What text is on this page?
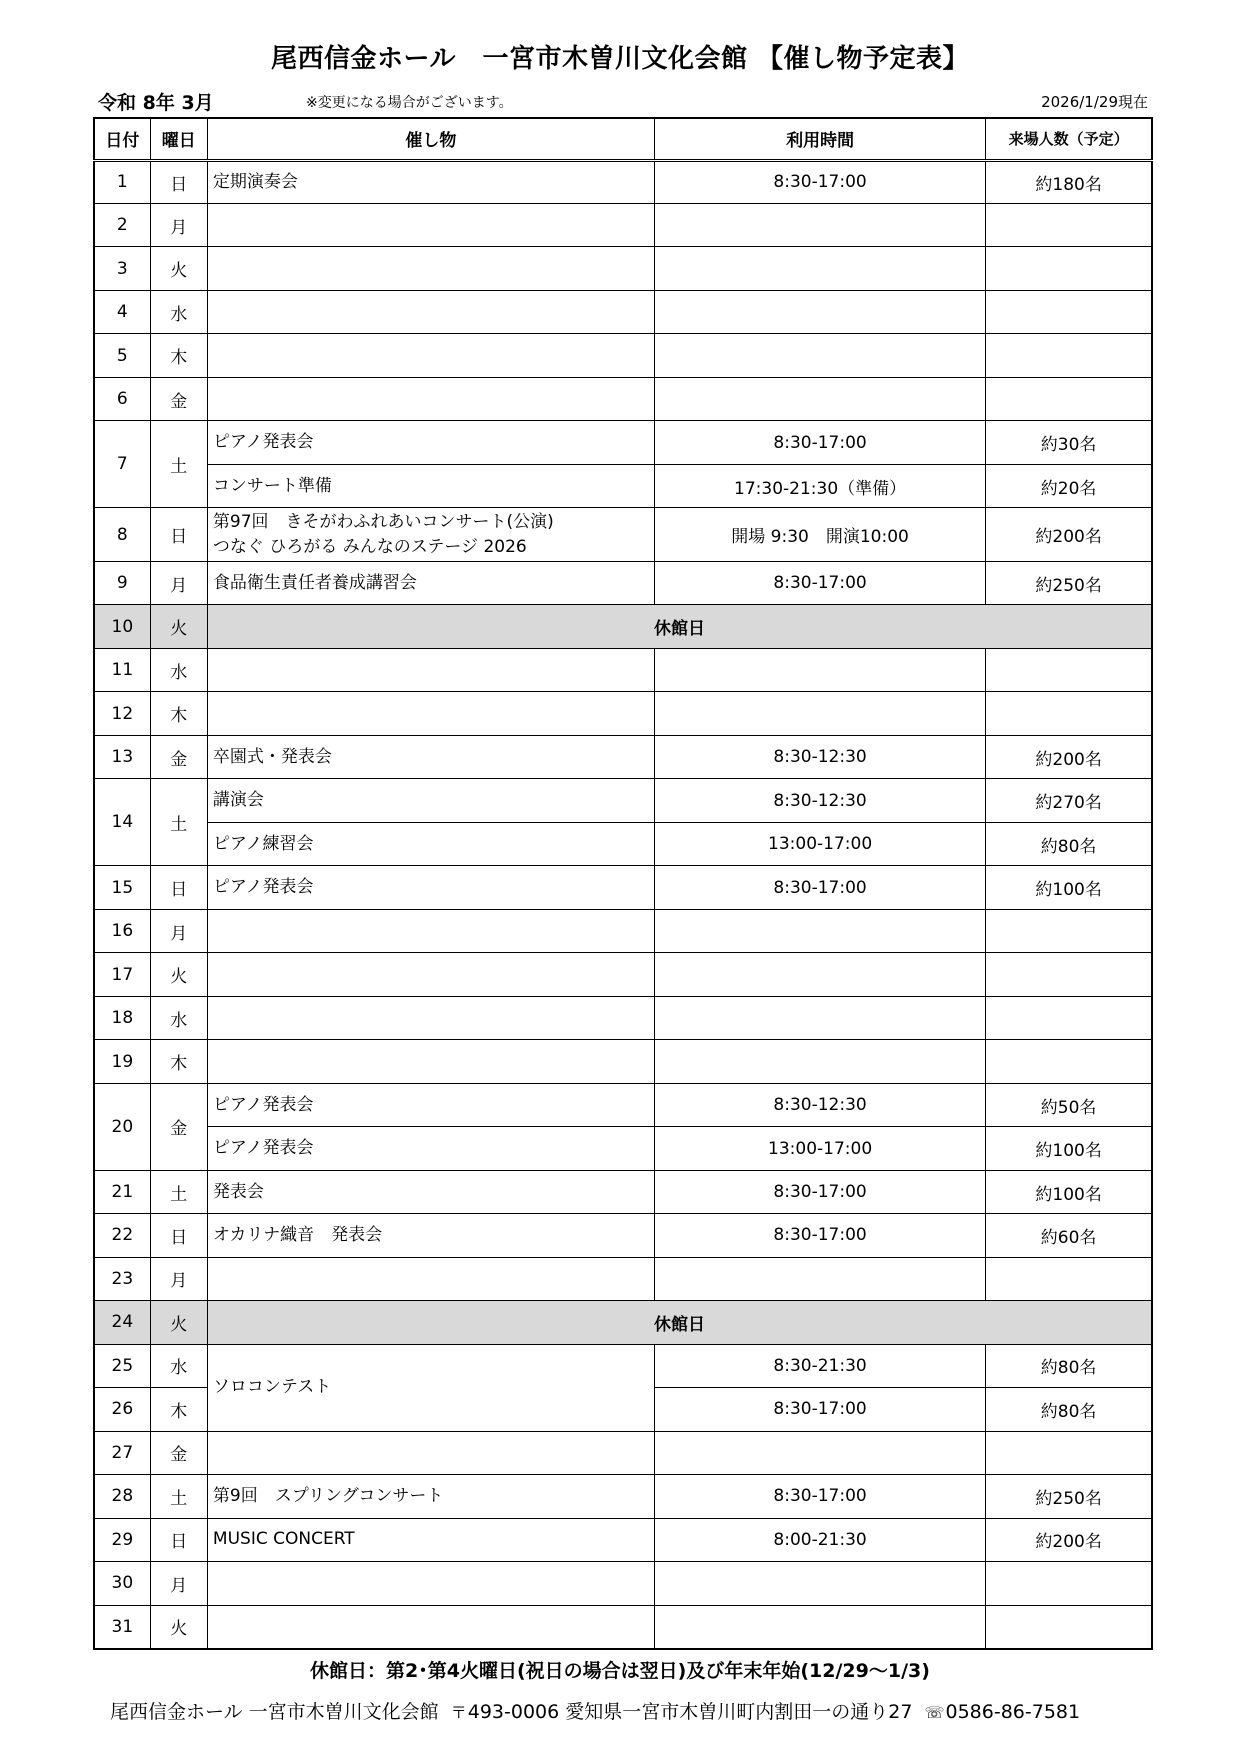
尾西信金ホール　一宮市木曽川文化会館 【催し物予定表】
令和 8年 3月	※変更になる場合がございます。	2026/1/29現在
日付	曜日	催し物	利用時間	来場人数（予定）
1	日	定期演奏会	8:30-17:00	約180名
2	月			
3	火			
4	水			
5	木			
6	金			
7	土	ピアノ発表会	8:30-17:00	約30名
		コンサート準備	17:30-21:30（準備）	約20名
8	日	第97回　きそがわふれあいコンサート(公演)
つなぐ ひろがる みんなのステージ 2026	開場 9:30　開演10:00	約200名
9	月	食品衛生責任者養成講習会	8:30-17:00	約250名
10	火	休館日		
11	水			
12	木			
13	金	卒園式・発表会	8:30-12:30	約200名
14	土	講演会	8:30-12:30	約270名
		ピアノ練習会	13:00-17:00	約80名
15	日	ピアノ発表会	8:30-17:00	約100名
16	月			
17	火			
18	水			
19	木			
20	金	ピアノ発表会	8:30-12:30	約50名
		ピアノ発表会	13:00-17:00	約100名
21	土	発表会	8:30-17:00	約100名
22	日	オカリナ織音　発表会	8:30-17:00	約60名
23	月			
24	火	休館日		
25	水	ソロコンテスト	8:30-21:30	約80名
26	木		8:30-17:00	約80名
27	金			
28	土	第9回　スプリングコンサート	8:30-17:00	約250名
29	日	MUSIC CONCERT	8:00-21:30	約200名
30	月			
31	火			
休館日：第2･第4火曜日(祝日の場合は翌日)及び年末年始(12/29～1/3)
尾西信金ホール 一宮市木曽川文化会館 〒493-0006 愛知県一宮市木曽川町内割田一の通り27 ☏0586-86-7581
